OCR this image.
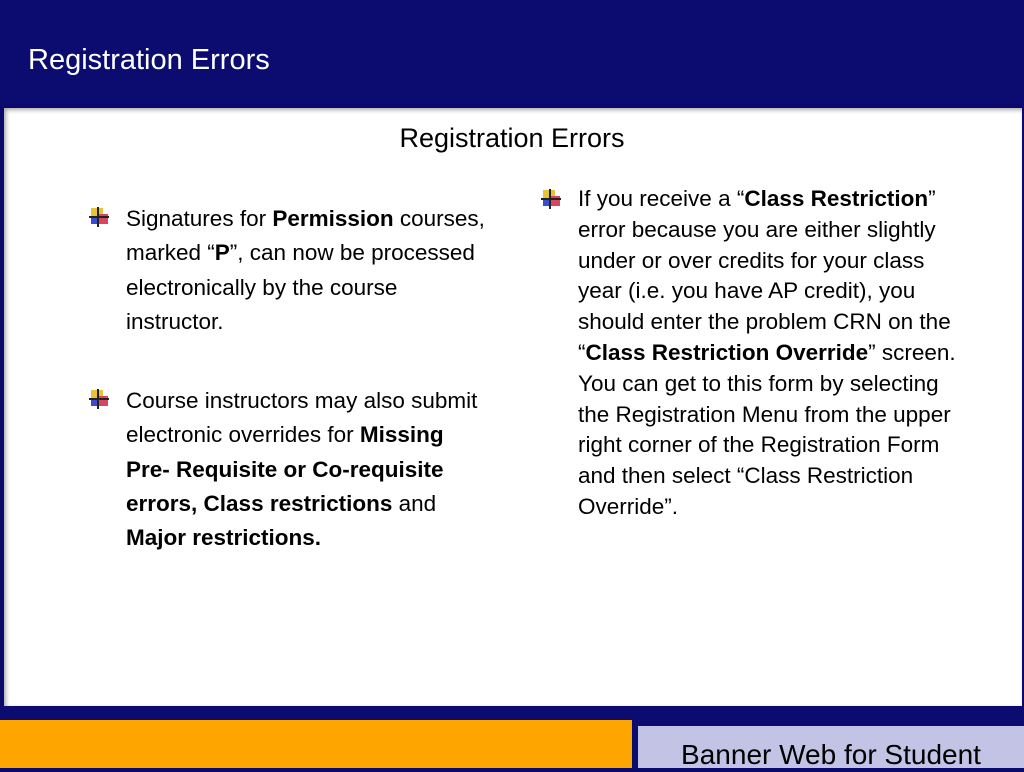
Registration Errors
Registration Errors
Signatures for Permission courses, marked “P”, can now be processed electronically by the course instructor.
Course instructors may also submit electronic overrides for Missing Pre- Requisite or Co-requisite errors, Class restrictions and Major restrictions.
If you receive a “Class Restriction” error because you are either slightly under or over credits for your class year (i.e. you have AP credit), you should enter the problem CRN on the “Class Restriction Override” screen. You can get to this form by selecting the Registration Menu from the upper right corner of the Registration Form and then select “Class Restriction Override”.
Banner Web for Student
